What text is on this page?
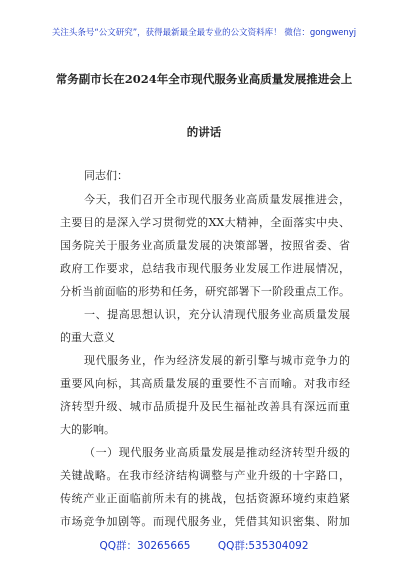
关注头条号“公文研究”，获得最新最全最专业的公文资料库！ 微信：gongwenyj
常务副市长在2024年全市现代服务业高质量发展推进会上
的讲话
同志们：
今天，我们召开全市现代服务业高质量发展推进会，
主要目的是深入学习贯彻党的XX大精神，全面落实中央、
国务院关于服务业高质量发展的决策部署，按照省委、省
政府工作要求，总结我市现代服务业发展工作进展情况，
分析当前面临的形势和任务，研究部署下一阶段重点工作。
一、提高思想认识，充分认清现代服务业高质量发展
的重大意义
现代服务业，作为经济发展的新引擎与城市竞争力的
重要风向标，其高质量发展的重要性不言而喻。对我市经
济转型升级、城市品质提升及民生福祉改善具有深远而重
大的影响。
（一）现代服务业高质量发展是推动经济转型升级的
关键战略。在我市经济结构调整与产业升级的十字路口，
传统产业正面临前所未有的挑战，包括资源环境约束趋紧
市场竞争加剧等。而现代服务业，凭借其知识密集、附加
QQ群：30265665	QQ群:535304092
